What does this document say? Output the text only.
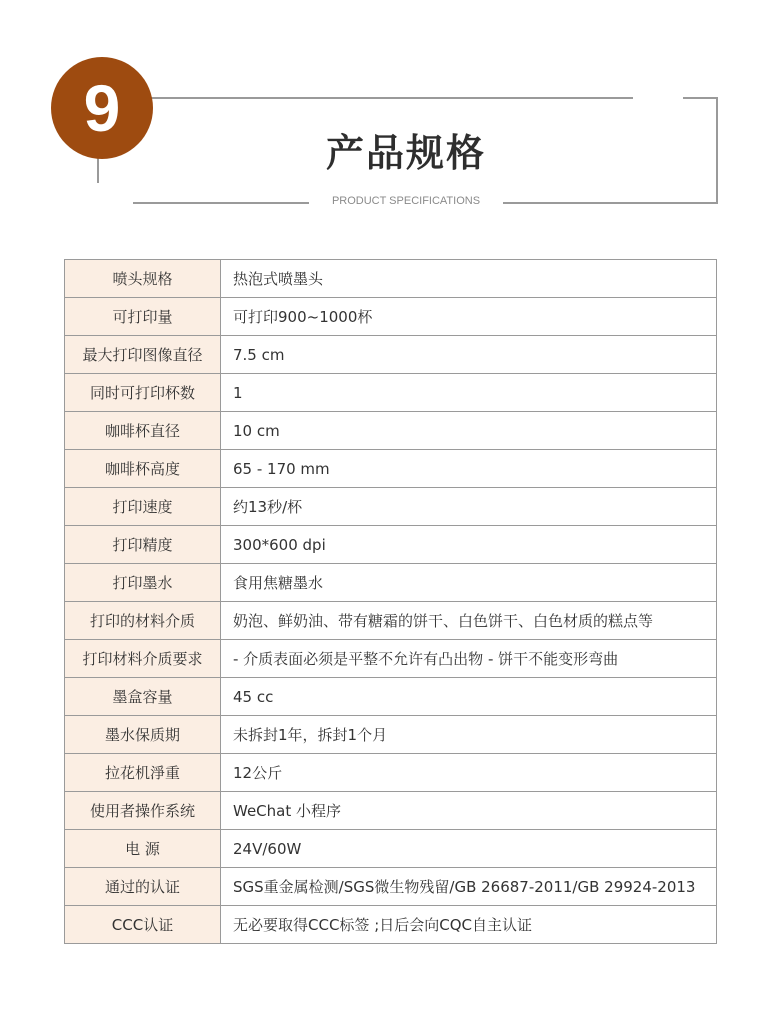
9
产品规格
PRODUCT SPECIFICATIONS
喷头规格	热泡式喷墨头
可打印量	可打印900~1000杯
最大打印图像直径	7.5 cm
同时可打印杯数	1
咖啡杯直径	10 cm
咖啡杯高度	65 - 170 mm
打印速度	约13秒/杯
打印精度	300*600 dpi
打印墨水	食用焦糖墨水
打印的材料介质	奶泡、鲜奶油、带有糖霜的饼干、白色饼干、白色材质的糕点等
打印材料介质要求	- 介质表面必须是平整不允许有凸出物 - 饼干不能变形弯曲
墨盒容量	45 cc
墨水保质期	未拆封1年，拆封1个月
拉花机淨重	12公斤
使用者操作系统	WeChat 小程序
电 源	24V/60W
通过的认证	SGS重金属检测/SGS微生物残留/GB 26687-2011/GB 29924-2013
CCC认证	无必要取得CCC标签 ;日后会向CQC自主认证
